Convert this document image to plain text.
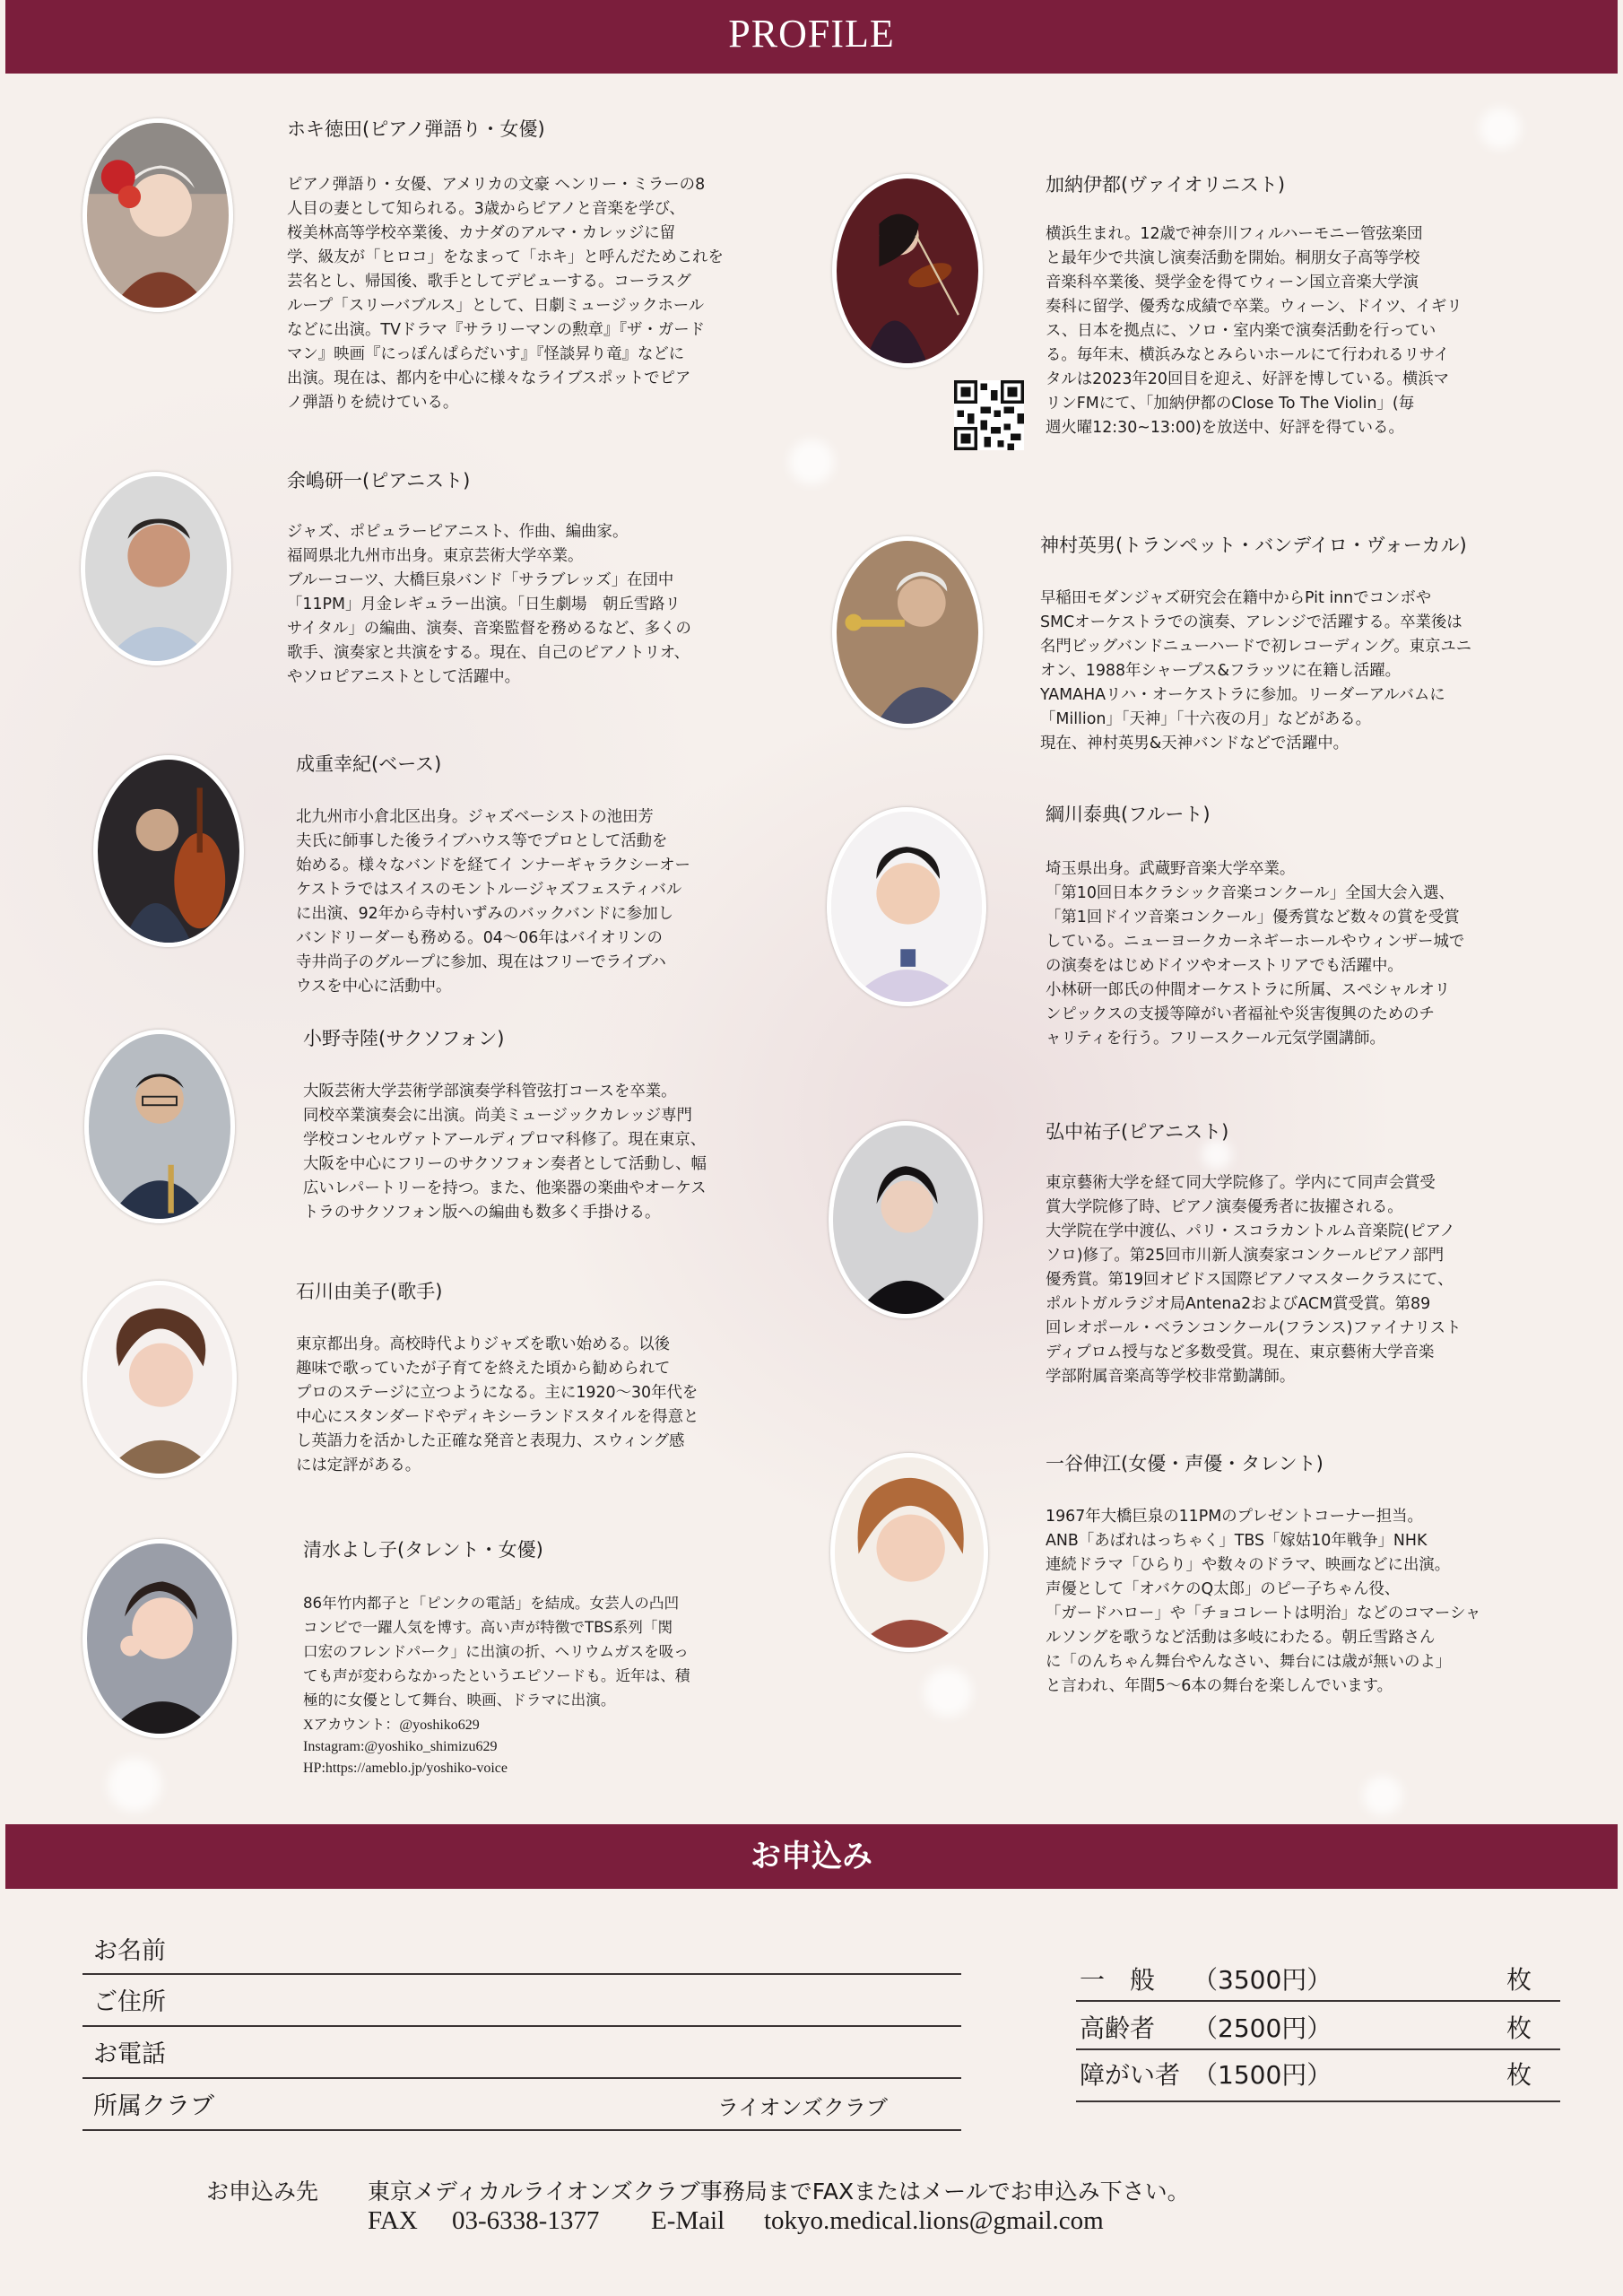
PROFILE
ホキ徳田(ピアノ弾語り・女優)
ピアノ弾語り・女優、アメリカの文豪 ヘンリー・ミラーの8
人目の妻として知られる。3歳からピアノと音楽を学び、
桜美林高等学校卒業後、カナダのアルマ・カレッジに留
学、級友が「ヒロコ」をなまって「ホキ」と呼んだためこれを
芸名とし、帰国後、歌手としてデビューする。コーラスグ
ループ「スリーバブルス」として、日劇ミュージックホール
などに出演。TVドラマ『サラリーマンの勲章』『ザ・ガード
マン』映画『にっぽんぱらだいす』『怪談昇り竜』などに
出演。現在は、都内を中心に様々なライブスポットでピア
ノ弾語りを続けている。
余嶋研一(ピアニスト)
ジャズ、ポピュラーピアニスト、作曲、編曲家。
福岡県北九州市出身。東京芸術大学卒業。
ブルーコーツ、大橋巨泉バンド「サラブレッズ」在団中
「11PM」月金レギュラー出演。「日生劇場　朝丘雪路リ
サイタル」の編曲、演奏、音楽監督を務めるなど、多くの
歌手、演奏家と共演をする。現在、自己のピアノトリオ、
やソロピアニストとして活躍中。
成重幸紀(ベース)
北九州市小倉北区出身。ジャズベーシストの池田芳
夫氏に師事した後ライブハウス等でプロとして活動を
始める。様々なバンドを経てイ ンナーギャラクシーオー
ケストラではスイスのモントルージャズフェスティバル
に出演、92年から寺村いずみのバックバンドに参加し
バンドリーダーも務める。04～06年はバイオリンの
寺井尚子のグループに参加、現在はフリーでライブハ
ウスを中心に活動中。
小野寺陸(サクソフォン)
大阪芸術大学芸術学部演奏学科管弦打コースを卒業。
同校卒業演奏会に出演。尚美ミュージックカレッジ専門
学校コンセルヴァトアールディプロマ科修了。現在東京、
大阪を中心にフリーのサクソフォン奏者として活動し、幅
広いレパートリーを持つ。また、他楽器の楽曲やオーケス
トラのサクソフォン版への編曲も数多く手掛ける。
石川由美子(歌手)
東京都出身。高校時代よりジャズを歌い始める。以後
趣味で歌っていたが子育てを終えた頃から勧められて
プロのステージに立つようになる。主に1920～30年代を
中心にスタンダードやディキシーランドスタイルを得意と
し英語力を活かした正確な発音と表現力、スウィング感
には定評がある。
清水よし子(タレント・女優)
86年竹内都子と「ピンクの電話」を結成。女芸人の凸凹
コンビで一躍人気を博す。高い声が特徴でTBS系列「関
口宏のフレンドパーク」に出演の折、ヘリウムガスを吸っ
ても声が変わらなかったというエピソードも。近年は、積
極的に女優として舞台、映画、ドラマに出演。
Xアカウント：@yoshiko629
Instagram:@yoshiko_shimizu629
HP:https://ameblo.jp/yoshiko-voice
加納伊都(ヴァイオリニスト)
横浜生まれ。12歳で神奈川フィルハーモニー管弦楽団
と最年少で共演し演奏活動を開始。桐朋女子高等学校
音楽科卒業後、奨学金を得てウィーン国立音楽大学演
奏科に留学、優秀な成績で卒業。ウィーン、ドイツ、イギリ
ス、日本を拠点に、ソロ・室内楽で演奏活動を行ってい
る。毎年末、横浜みなとみらいホールにて行われるリサイ
タルは2023年20回目を迎え、好評を博している。横浜マ
リンFMにて、「加納伊都のClose To The Violin」(毎
週火曜12:30~13:00)を放送中、好評を得ている。
神村英男(トランペット・バンデイロ・ヴォーカル)
早稲田モダンジャズ研究会在籍中からPit innでコンボや
SMCオーケストラでの演奏、アレンジで活躍する。卒業後は
名門ビッグバンドニューハードで初レコーディング。東京ユニ
オン、1988年シャープス&フラッツに在籍し活躍。
YAMAHAリハ・オーケストラに参加。リーダーアルバムに
「Million」「天神」「十六夜の月」などがある。
現在、神村英男&天神バンドなどで活躍中。
綱川泰典(フルート)
埼玉県出身。武蔵野音楽大学卒業。
「第10回日本クラシック音楽コンクール」全国大会入選、
「第1回ドイツ音楽コンクール」優秀賞など数々の賞を受賞
している。ニューヨークカーネギーホールやウィンザー城で
の演奏をはじめドイツやオーストリアでも活躍中。
小林研一郎氏の仲間オーケストラに所属、スペシャルオリ
ンピックスの支援等障がい者福祉や災害復興のためのチ
ャリティを行う。フリースクール元気学園講師。
弘中祐子(ピアニスト)
東京藝術大学を経て同大学院修了。学内にて同声会賞受
賞大学院修了時、ピアノ演奏優秀者に抜擢される。
大学院在学中渡仏、パリ・スコラカントルム音楽院(ピアノ
ソロ)修了。第25回市川新人演奏家コンクールピアノ部門
優秀賞。第19回オビドス国際ピアノマスタークラスにて、
ポルトガルラジオ局Antena2およびACM賞受賞。第89
回レオポール・ベランコンクール(フランス)ファイナリスト
ディプロム授与など多数受賞。現在、東京藝術大学音楽
学部附属音楽高等学校非常勤講師。
一谷伸江(女優・声優・タレント)
1967年大橋巨泉の11PMのプレゼントコーナー担当。
ANB「あばれはっちゃく」TBS「嫁姑10年戦争」NHK
連続ドラマ「ひらり」や数々のドラマ、映画などに出演。
声優として「オバケのQ太郎」のピー子ちゃん役、
「ガードハロー」や「チョコレートは明治」などのコマーシャ
ルソングを歌うなど活動は多岐にわたる。朝丘雪路さん
に「のんちゃん舞台やんなさい、舞台には歳が無いのよ」
と言われ、年間5～6本の舞台を楽しんでいます。
お申込み
お名前
ご住所
お電話
所属クラブ	ライオンズクラブ
一　般 （3500円）	枚
高齢者 （2500円）	枚
障がい者 （1500円）	枚
お申込み先 東京メディカルライオンズクラブ事務局までFAXまたはメールでお申込み下さい。
FAX 03-6338-1377 E-Mail tokyo.medical.lions@gmail.com
